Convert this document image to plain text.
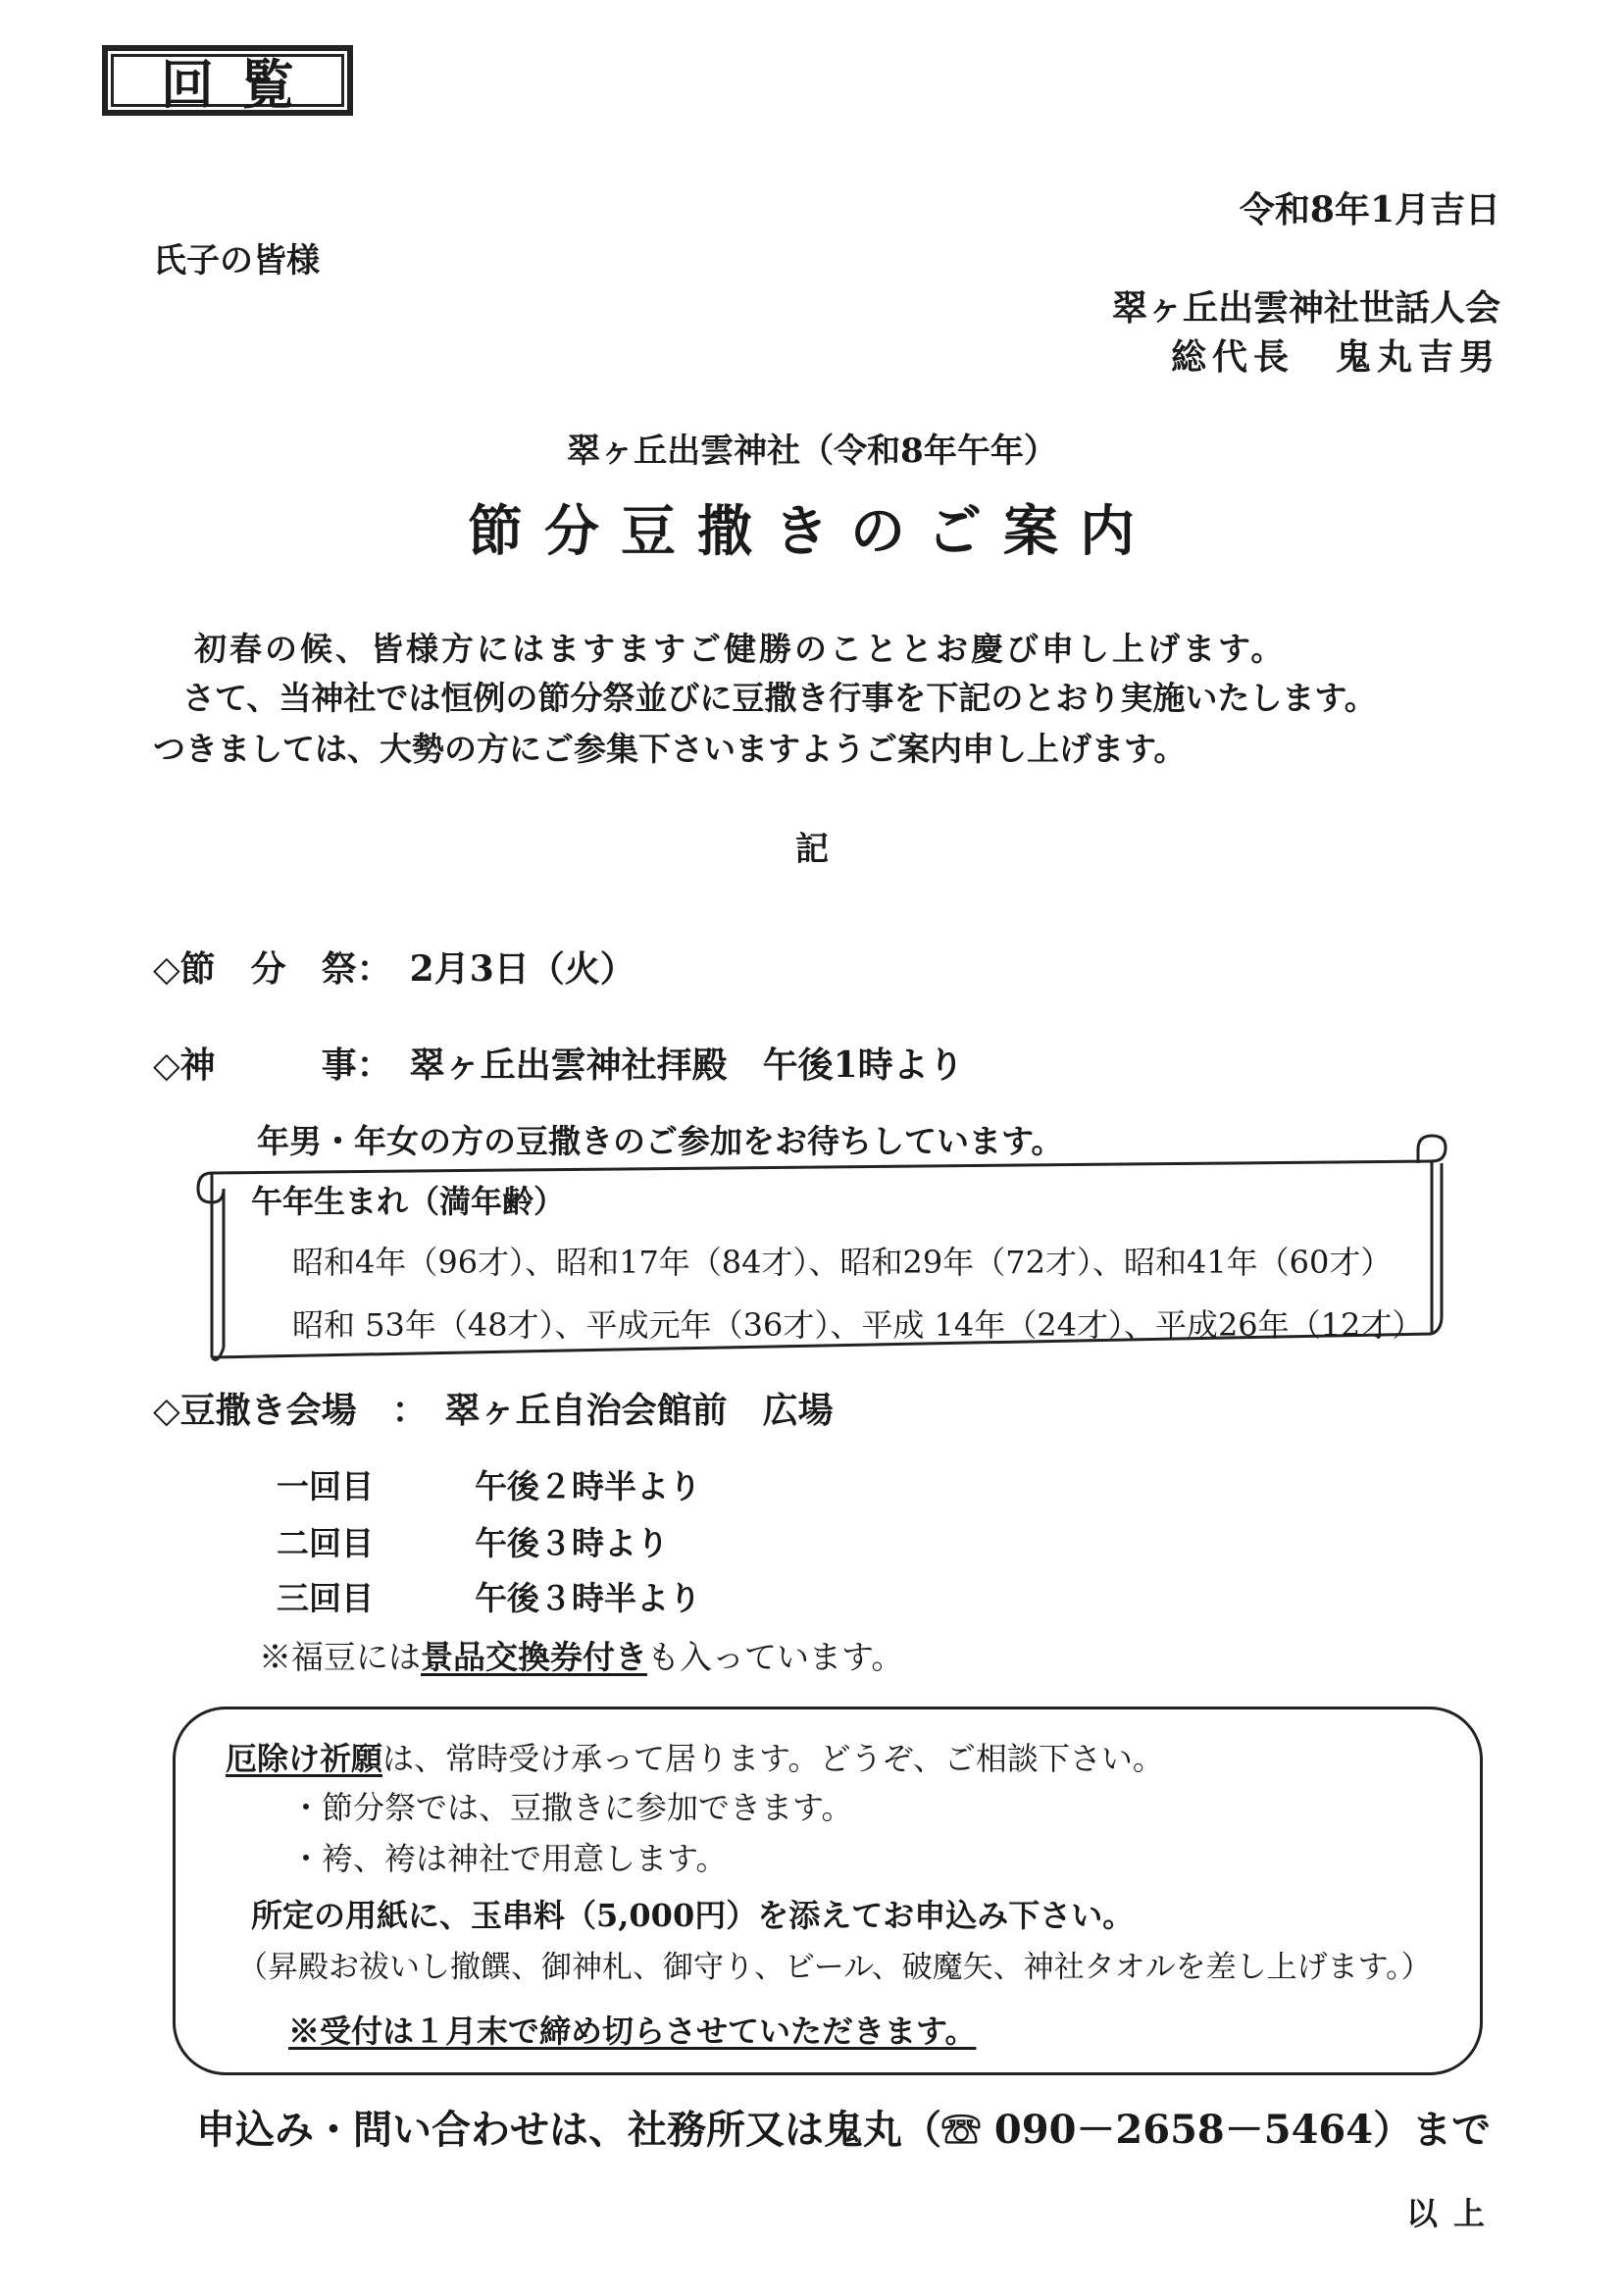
回覧
令和8年1月吉日
氏子の皆様
翠ヶ丘出雲神社世話人会
総代長　鬼丸吉男
翠ヶ丘出雲神社（令和8年午年）
節分豆撒きのご案内
初春の候、皆様方にはますますご健勝のこととお慶び申し上げます。
さて、当神社では恒例の節分祭並びに豆撒き行事を下記のとおり実施いたします。
つきましては、大勢の方にご参集下さいますようご案内申し上げます。
記
◇節　分　祭：　2月3日（火）
◇神　　　事：　翠ヶ丘出雲神社拝殿　午後1時より
年男・年女の方の豆撒きのご参加をお待ちしています。
午年生まれ（満年齢）
昭和4年（96才）、昭和17年（84才）、昭和29年（72才）、昭和41年（60才）
昭和 53年（48才）、平成元年（36才）、平成 14年（24才）、平成26年（12才）
◇豆撒き会場　：　翠ヶ丘自治会館前　広場
一回目	午後２時半より
二回目	午後３時より
三回目	午後３時半より
※福豆には景品交換券付きも入っています。
厄除け祈願は、常時受け承って居ります。どうぞ、ご相談下さい。
・節分祭では、豆撒きに参加できます。
・袴、袴は神社で用意します。
所定の用紙に、玉串料（5,000円）を添えてお申込み下さい。
（昇殿お祓いし撤饌、御神札、御守り、ビール、破魔矢、神社タオルを差し上げます。）
※受付は１月末で締め切らさせていただきます。
申込み・問い合わせは、社務所又は鬼丸（☏ 090－2658－5464）まで
以上
